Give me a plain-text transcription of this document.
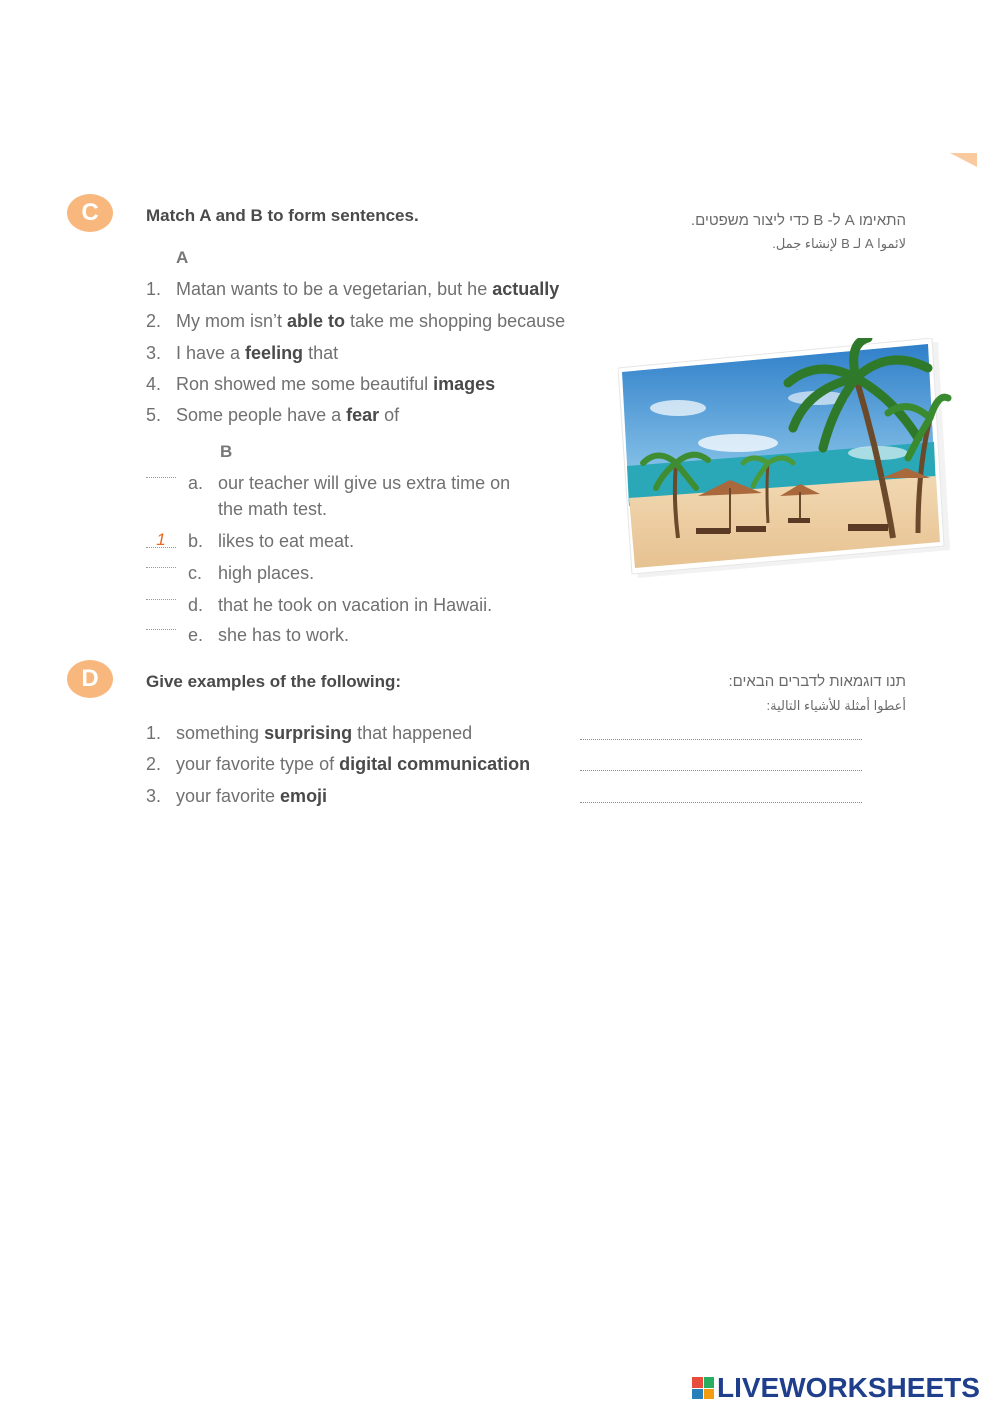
C	Match A and B to form sentences.	התאימו A ל- B כדי ליצור משפטים.
لائموا A لـ B لإنشاء جمل.
A
1. Matan wants to be a vegetarian, but he actually
2. My mom isn’t able to take me shopping because
3. I have a feeling that
4. Ron showed me some beautiful images
5. Some people have a fear of
B
a. our teacher will give us extra time on
the math test.
1	b. likes to eat meat.
c. high places.
d. that he took on vacation in Hawaii.
e. she has to work.
D	Give examples of the following:	תנו דוגמאות לדברים הבאים:
أعطوا أمثلة للأشياء التالية:
1. something surprising that happened
2. your favorite type of digital communication
3. your favorite emoji
LIVEWORKSHEETS
